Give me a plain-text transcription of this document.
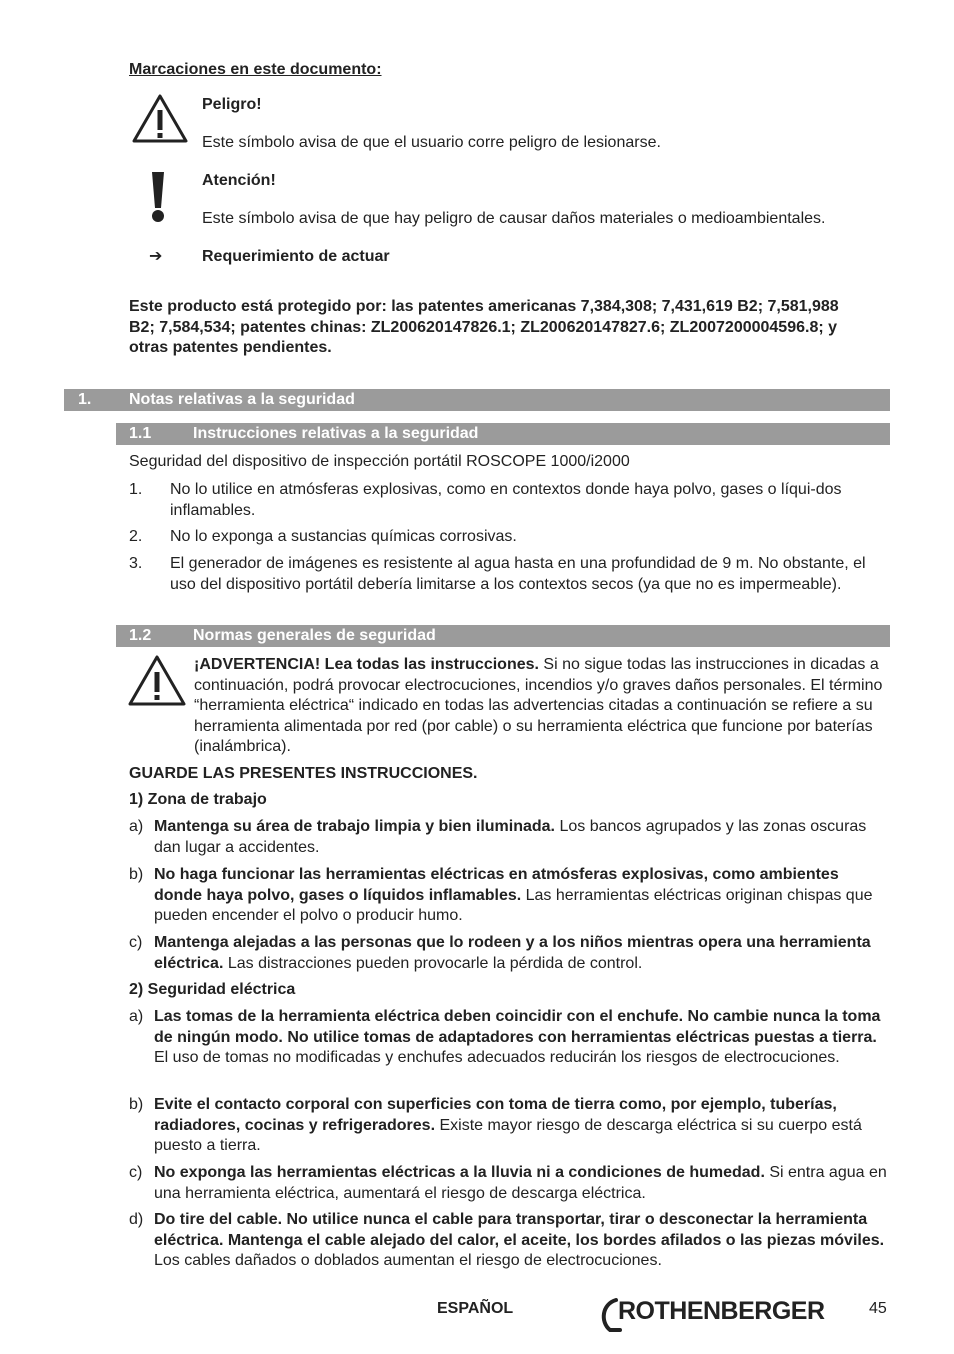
Marcaciones en este documento:
Peligro!
Este símbolo avisa de que el usuario corre peligro de lesionarse.
Atención!
Este símbolo avisa de que hay peligro de causar daños materiales o medioambientales.
➔ Requerimiento de actuar
Este producto está protegido por: las patentes americanas 7,384,308; 7,431,619 B2; 7,581,988 B2; 7,584,534; patentes chinas: ZL200620147826.1; ZL200620147827.6; ZL2007200004596.8; y otras patentes pendientes.
1. Notas relativas a la seguridad
1.1	Instrucciones relativas a la seguridad
Seguridad del dispositivo de inspección portátil ROSCOPE 1000/i2000
1. No lo utilice en atmósferas explosivas, como en contextos donde haya polvo, gases o líqui-dos inflamables.
2. No lo exponga a sustancias químicas corrosivas.
3. El generador de imágenes es resistente al agua hasta en una profundidad de 9 m. No obstante, el uso del dispositivo portátil debería limitarse a los contextos secos (ya que no es impermeable).
1.2	Normas generales de seguridad
¡ADVERTENCIA! Lea todas las instrucciones. Si no sigue todas las instrucciones in dicadas a continuación, podrá provocar electrocuciones, incendios y/o graves daños personales. El término “herramienta eléctrica“ indicado en todas las advertencias citadas a continuación se refiere a su herramienta alimentada por red (por cable) o su herramienta eléctrica que funcione por baterías (inalámbrica).
GUARDE LAS PRESENTES INSTRUCCIONES.
1) Zona de trabajo
a) Mantenga su área de trabajo limpia y bien iluminada. Los bancos agrupados y las zonas oscuras dan lugar a accidentes.
b) No haga funcionar las herramientas eléctricas en atmósferas explosivas, como ambientes donde haya polvo, gases o líquidos inflamables. Las herramientas eléctricas originan chispas que pueden encender el polvo o producir humo.
c) Mantenga alejadas a las personas que lo rodeen y a los niños mientras opera una herramienta eléctrica. Las distracciones pueden provocarle la pérdida de control.
2) Seguridad eléctrica
a) Las tomas de la herramienta eléctrica deben coincidir con el enchufe. No cambie nunca la toma de ningún modo. No utilice tomas de adaptadores con herramientas eléctricas puestas a tierra. El uso de tomas no modificadas y enchufes adecuados reducirán los riesgos de electrocuciones.
b) Evite el contacto corporal con superficies con toma de tierra como, por ejemplo, tuberías, radiadores, cocinas y refrigeradores. Existe mayor riesgo de descarga eléctrica si su cuerpo está puesto a tierra.
c) No exponga las herramientas eléctricas a la lluvia ni a condiciones de humedad. Si entra agua en una herramienta eléctrica, aumentará el riesgo de descarga eléctrica.
d) Do tire del cable. No utilice nunca el cable para transportar, tirar o desconectar la herramienta eléctrica. Mantenga el cable alejado del calor, el aceite, los bordes afilados o las piezas móviles. Los cables dañados o doblados aumentan el riesgo de electrocuciones.
ESPAÑOL	ROTHENBERGER	45
